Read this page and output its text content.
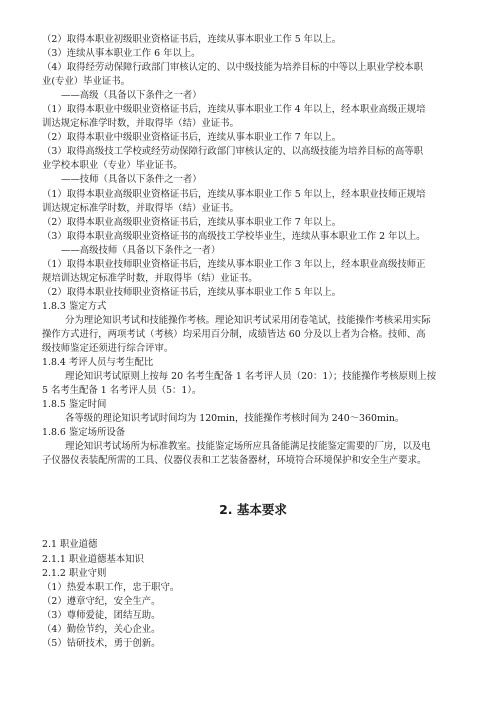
（2）取得本职业初级职业资格证书后，连续从事本职业工作 5 年以上。
（3）连续从事本职业工作 6 年以上。
（4）取得经劳动保障行政部门审核认定的、以中级技能为培养目标的中等以上职业学校本职
业(专业）毕业证书。
——高级（具备以下条件之一者）
（1）取得本职业中级职业资格证书后，连续从事本职业工作 4 年以上，经本职业高级正规培
训达规定标准学时数，并取得毕（结）业证书。
（2）取得本职业中级职业资格证书后，连续从事本职业工作 7 年以上。
（3）取得高级技工学校或经劳动保障行政部门审核认定的、以高级技能为培养目标的高等职
业学校本职业（专业）毕业证书。
——技师（具备以下条件之一者）
（1）取得本职业高级职业资格证书后，连续从事本职业工作 5 年以上，经本职业技师正规培
训达规定标准学时数，并取得毕（结）业证书。
（2）取得本职业高级职业资格证书后，连续从事本职业工作 7 年以上。
（3）取得本职业高级职业资格证书的高级技工学校毕业生，连续从事本职业工作 2 年以上。
——高级技师（具备以下条件之一者）
（1）取得本职业技师职业资格证书后，连续从事本职业工作 3 年以上，经本职业高级技师正
规培训达规定标准学时数，并取得毕（结）业证书。
（2）取得本职业技师职业资格证书后，连续从事本职业工作 5 年以上。
1.8.3 鉴定方式
分为理论知识考试和技能操作考核。理论知识考试采用闭卷笔试，技能操作考核采用实际
操作方式进行，两项考试（考核）均采用百分制，成绩皆达 60 分及以上者为合格。技师、高
级技师鉴定还须进行综合评审。
1.8.4 考评人员与考生配比
理论知识考试原则上按每 20 名考生配备 1 名考评人员（20：1）；技能操作考核原则上按
5 名考生配备 1 名考评人员（5：1）。
1.8.5 鉴定时间
各等级的理论知识考试时间均为 120min，技能操作考核时间为 240～360min。
1.8.6 鉴定场所设备
理论知识考试场所为标准教室。技能鉴定场所应具备能满足技能鉴定需要的厂房，以及电
子仪器仪表装配所需的工具、仪器仪表和工艺装备器材，环境符合环境保护和安全生产要求。
2. 基本要求
2.1 职业道德
2.1.1 职业道德基本知识
2.1.2 职业守则
（1）热爱本职工作，忠于职守。
（2）遵章守纪，安全生产。
（3）尊师爱徒，团结互助。
（4）勤俭节约，关心企业。
（5）钻研技术，勇于创新。
